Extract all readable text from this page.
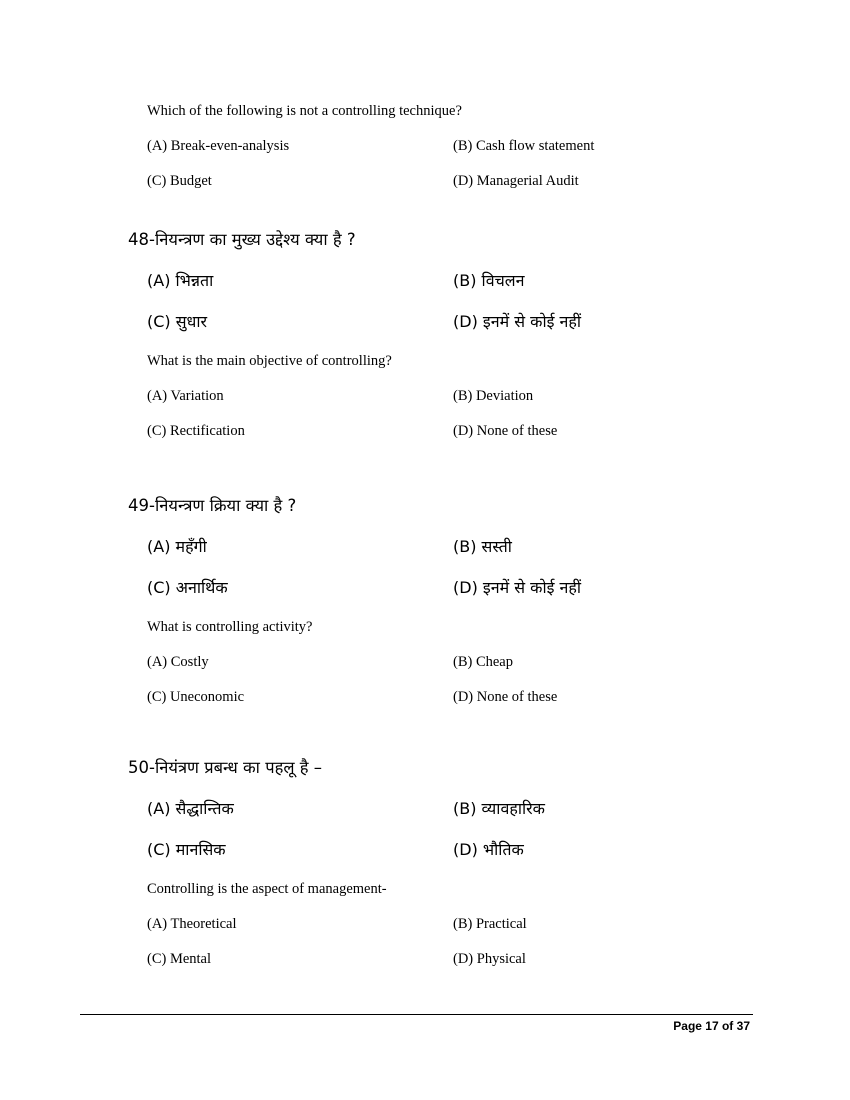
Which of the following is not a controlling technique?
(A) Break-even-analysis	(B) Cash flow statement
(C) Budget	(D) Managerial Audit
48-नियन्त्रण का मुख्य उद्देश्य क्या है ?
(A) भिन्नता	(B) विचलन
(C) सुधार	(D) इनमें से कोई नहीं
What is the main objective of controlling?
(A) Variation	(B) Deviation
(C) Rectification	(D) None of these
49-नियन्त्रण क्रिया क्या है ?
(A) महँगी	(B) सस्ती
(C) अनार्थिक	(D) इनमें से कोई नहीं
What is controlling activity?
(A) Costly	(B) Cheap
(C) Uneconomic	(D) None of these
50-नियंत्रण प्रबन्ध का पहलू है –
(A) सैद्धान्तिक	(B) व्यावहारिक
(C) मानसिक	(D) भौतिक
Controlling is the aspect of management-
(A) Theoretical	(B) Practical
(C) Mental	(D) Physical
Page 17 of 37
